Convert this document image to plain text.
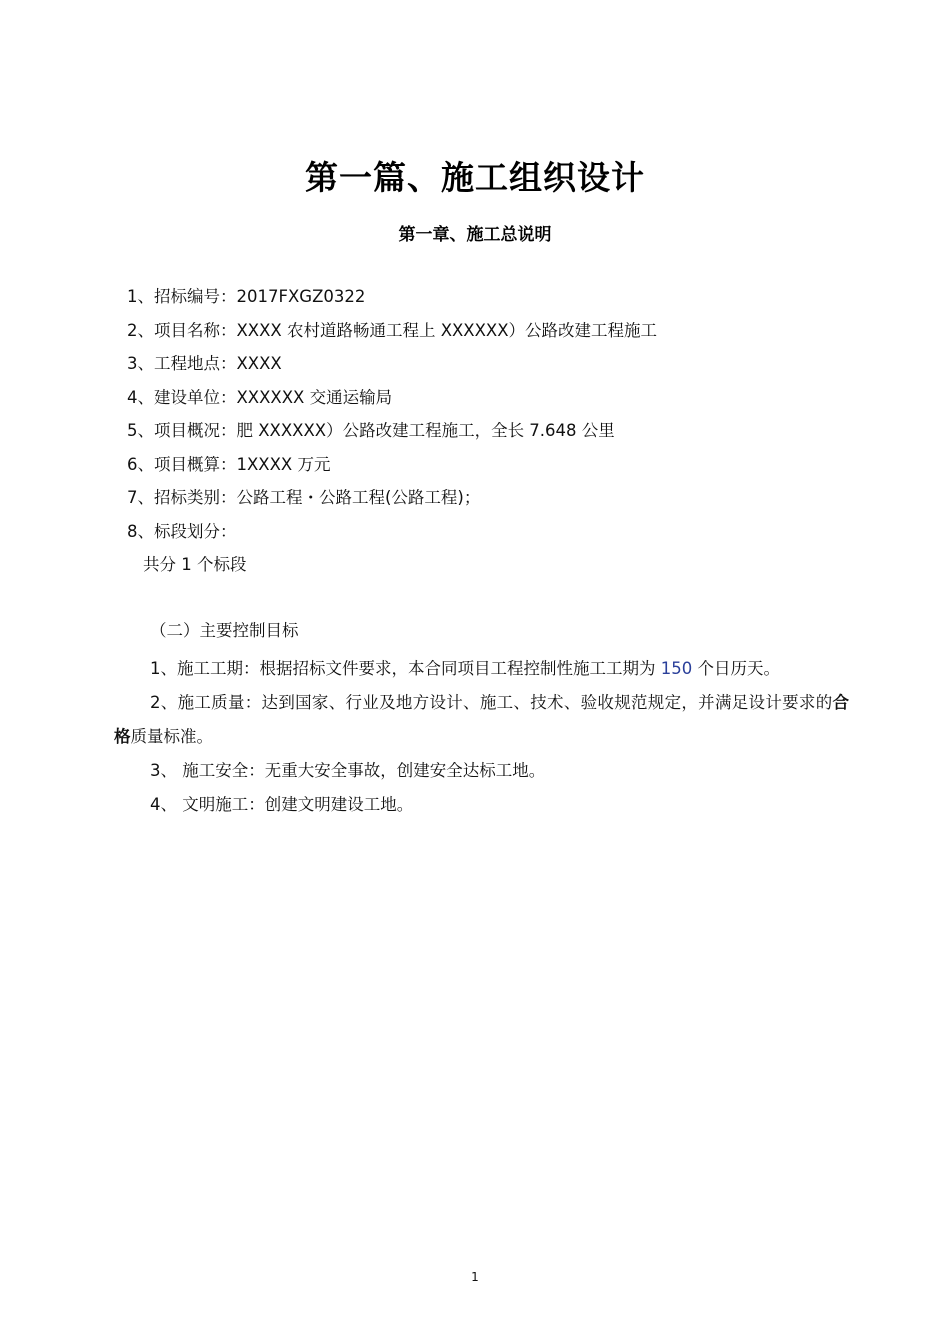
第一篇、施工组织设计
第一章、施工总说明
1、招标编号：2017FXGZ0322
2、项目名称：XXXX 农村道路畅通工程上 XXXXXX）公路改建工程施工
3、工程地点：XXXX
4、建设单位：XXXXXX 交通运输局
5、项目概况：肥 XXXXXX）公路改建工程施工，全长 7.648 公里
6、项目概算：1XXXX 万元
7、招标类别：公路工程・公路工程(公路工程)；
8、标段划分：
共分 1 个标段
（二）主要控制目标
1、施工工期：根据招标文件要求，本合同项目工程控制性施工工期为 150 个日历天。
2、施工质量：达到国家、行业及地方设计、施工、技术、验收规范规定，并满足设计要求的合格质量标准。
3、 施工安全：无重大安全事故，创建安全达标工地。
4、 文明施工：创建文明建设工地。
1
